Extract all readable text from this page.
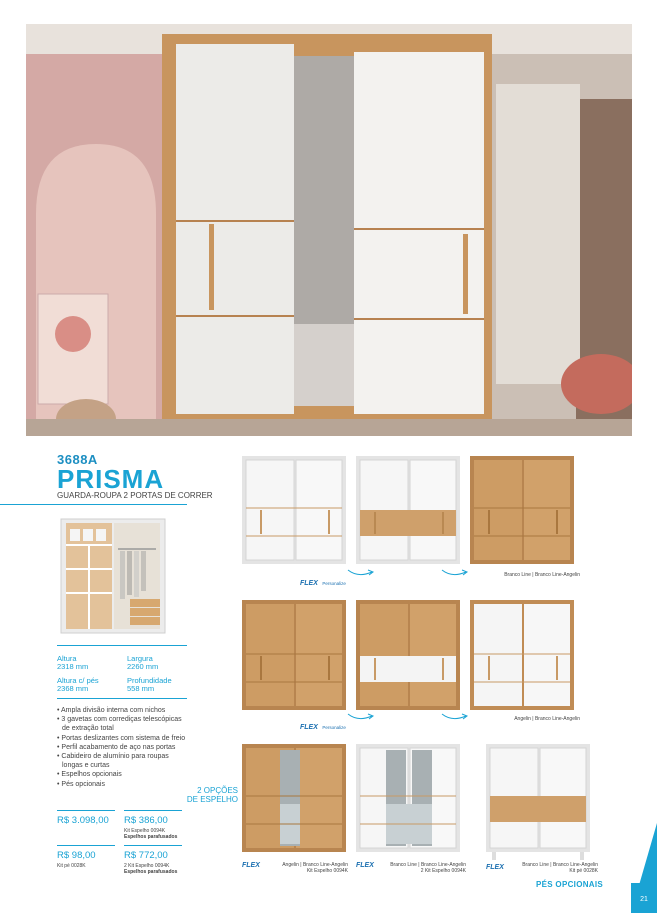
3688A
PRISMA
GUARDA-ROUPA 2 PORTAS DE CORRER
Altura
2318 mm
Largura
2260 mm
Altura c/ pés
2368 mm
Profundidade
558 mm
• Ampla divisão interna com nichos
• 3 gavetas com corrediças telescópicas
de extração total
• Portas deslizantes com sistema de freio
• Perfil acabamento de aço nas portas
• Cabideiro de alumínio para roupas
longas e curtas
• Espelhos opcionais
• Pés opcionais
R$ 3.098,00 R$ 386,00
Kit Espelho 0094K
Espelhos parafusados
R$ 98,00
Kit pé 0028K
R$ 772,00
2 Kit Espelho 0094K
Espelhos parafusados
FLEX Personalize
Branco Line | Branco Line-Angelin
FLEX Personalize
Angelin | Branco Line-Angelin
2 OPÇÕES
DE ESPELHO
FLEX	Angelin | Branco Line-Angelin
Kit Espelho 0094K
FLEX	Branco Line | Branco Line-Angelin
2 Kit Espelho 0094K	FLEX	Branco Line | Branco Line-Angelin
Kit pé 0028K
PÉS OPCIONAIS
21
